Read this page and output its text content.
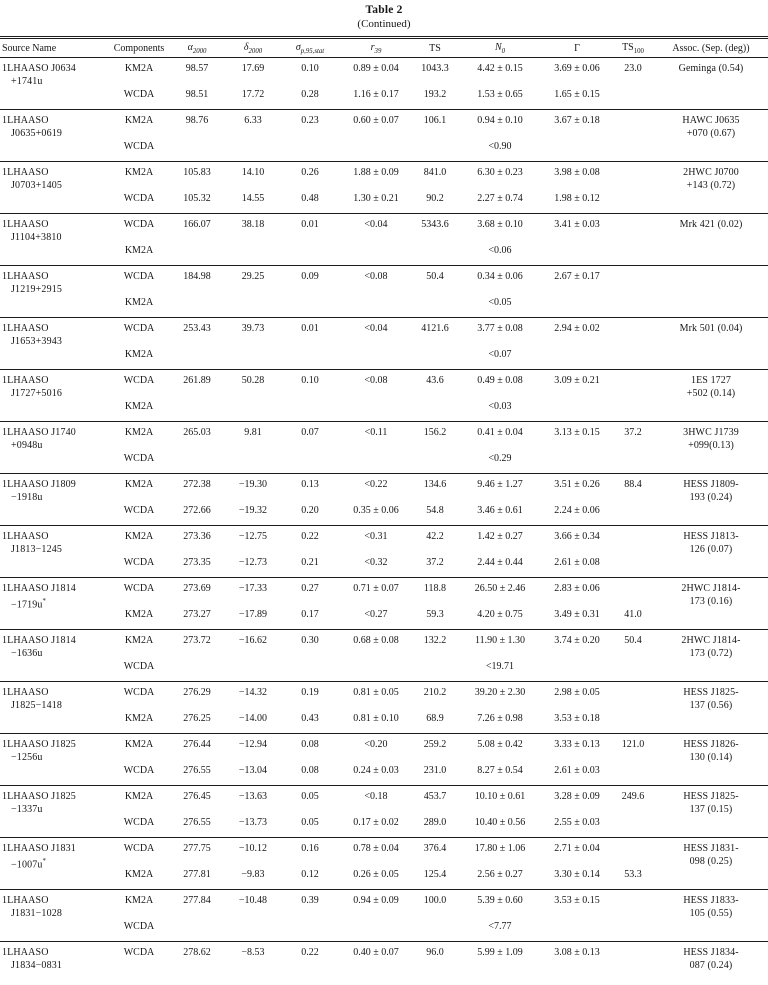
Table 2
(Continued)
Source Name	Components	$\alpha_{2000}$	$\delta_{2000}$	$\sigma_{p,95,stat}$	$r_{39}$	TS	$N_0$	Γ	$TS_{100}$	Assoc. (Sep. (deg))

1LHAASO J0634
+1741u	KM2A	98.57	17.69	0.10	0.89 ± 0.04	1043.3	4.42 ± 0.15	3.69 ± 0.06	23.0	Geminga (0.54)

	WCDA	98.51	17.72	0.28	1.16 ± 0.17	193.2	1.53 ± 0.65	1.65 ± 0.15		

1LHAASO
J0635+0619
	KM2A	98.76	6.33	0.23	0.60 ± 0.07	106.1	0.94 ± 0.10	3.67 ± 0.18		HAWC J0635
+070 (0.67)

	WCDA						<0.90			

1LHAASO
J0703+1405
	KM2A	105.83	14.10	0.26	1.88 ± 0.09	841.0	6.30 ± 0.23	3.98 ± 0.08		2HWC J0700
+143 (0.72)

	WCDA	105.32	14.55	0.48	1.30 ± 0.21	90.2	2.27 ± 0.74	1.98 ± 0.12		

1LHAASO
J1104+3810	WCDA	166.07	38.18	0.01	<0.04	5343.6	3.68 ± 0.10	3.41 ± 0.03		Mrk 421 (0.02)

	KM2A						<0.06			

1LHAASO
J1219+2915	WCDA	184.98	29.25	0.09	<0.08	50.4	0.34 ± 0.06	2.67 ± 0.17		
	KM2A						<0.05			

1LHAASO
J1653+3943	WCDA	253.43	39.73	0.01	<0.04	4121.6	3.77 ± 0.08	2.94 ± 0.02		Mrk 501 (0.04)

	KM2A						<0.07			

1LHAASO
J1727+5016
	WCDA	261.89	50.28	0.10	<0.08	43.6	0.49 ± 0.08	3.09 ± 0.21		1ES 1727
+502 (0.14)

	KM2A						<0.03			

1LHAASO J1740
+0948u
	KM2A	265.03	9.81	0.07	<0.11	156.2	0.41 ± 0.04	3.13 ± 0.15	37.2	3HWC J1739
+099(0.13)

	WCDA						<0.29			

1LHAASO J1809
−1918u
	KM2A	272.38	−19.30	0.13	<0.22	134.6	9.46 ± 1.27	3.51 ± 0.26	88.4	HESS J1809-
193 (0.24)

	WCDA	272.66	−19.32	0.20	0.35 ± 0.06	54.8	3.46 ± 0.61	2.24 ± 0.06		

1LHAASO
J1813−1245
	KM2A	273.36	−12.75	0.22	<0.31	42.2	1.42 ± 0.27	3.66 ± 0.34		HESS J1813-
126 (0.07)

	WCDA	273.35	−12.73	0.21	<0.32	37.2	2.44 ± 0.44	2.61 ± 0.08		

1LHAASO J1814
−1719u*
	WCDA	273.69	−17.33	0.27	0.71 ± 0.07	118.8	26.50 ± 2.46	2.83 ± 0.06		2HWC J1814-
173 (0.16)

	KM2A	273.27	−17.89	0.17	<0.27	59.3	4.20 ± 0.75	3.49 ± 0.31	41.0	

1LHAASO J1814
−1636u
	KM2A	273.72	−16.62	0.30	0.68 ± 0.08	132.2	11.90 ± 1.30	3.74 ± 0.20	50.4	2HWC J1814-
173 (0.72)

	WCDA						<19.71			

1LHAASO
J1825−1418
	WCDA	276.29	−14.32	0.19	0.81 ± 0.05	210.2	39.20 ± 2.30	2.98 ± 0.05		HESS J1825-
137 (0.56)

	KM2A	276.25	−14.00	0.43	0.81 ± 0.10	68.9	7.26 ± 0.98	3.53 ± 0.18		

1LHAASO J1825
−1256u
	KM2A	276.44	−12.94	0.08	<0.20	259.2	5.08 ± 0.42	3.33 ± 0.13	121.0	HESS J1826-
130 (0.14)

	WCDA	276.55	−13.04	0.08	0.24 ± 0.03	231.0	8.27 ± 0.54	2.61 ± 0.03		

1LHAASO J1825
−1337u
	KM2A	276.45	−13.63	0.05	<0.18	453.7	10.10 ± 0.61	3.28 ± 0.09	249.6	HESS J1825-
137 (0.15)

	WCDA	276.55	−13.73	0.05	0.17 ± 0.02	289.0	10.40 ± 0.56	2.55 ± 0.03		

1LHAASO J1831
−1007u*
	WCDA	277.75	−10.12	0.16	0.78 ± 0.04	376.4	17.80 ± 1.06	2.71 ± 0.04		HESS J1831-
098 (0.25)

	KM2A	277.81	−9.83	0.12	0.26 ± 0.05	125.4	2.56 ± 0.27	3.30 ± 0.14	53.3	

1LHAASO
J1831−1028
	KM2A	277.84	−10.48	0.39	0.94 ± 0.09	100.0	5.39 ± 0.60	3.53 ± 0.15		HESS J1833-
105 (0.55)

	WCDA						<7.77			

1LHAASO
J1834−0831
	WCDA	278.62	−8.53	0.22	0.40 ± 0.07	96.0	5.99 ± 1.09	3.08 ± 0.13		HESS J1834-
087 (0.24)
